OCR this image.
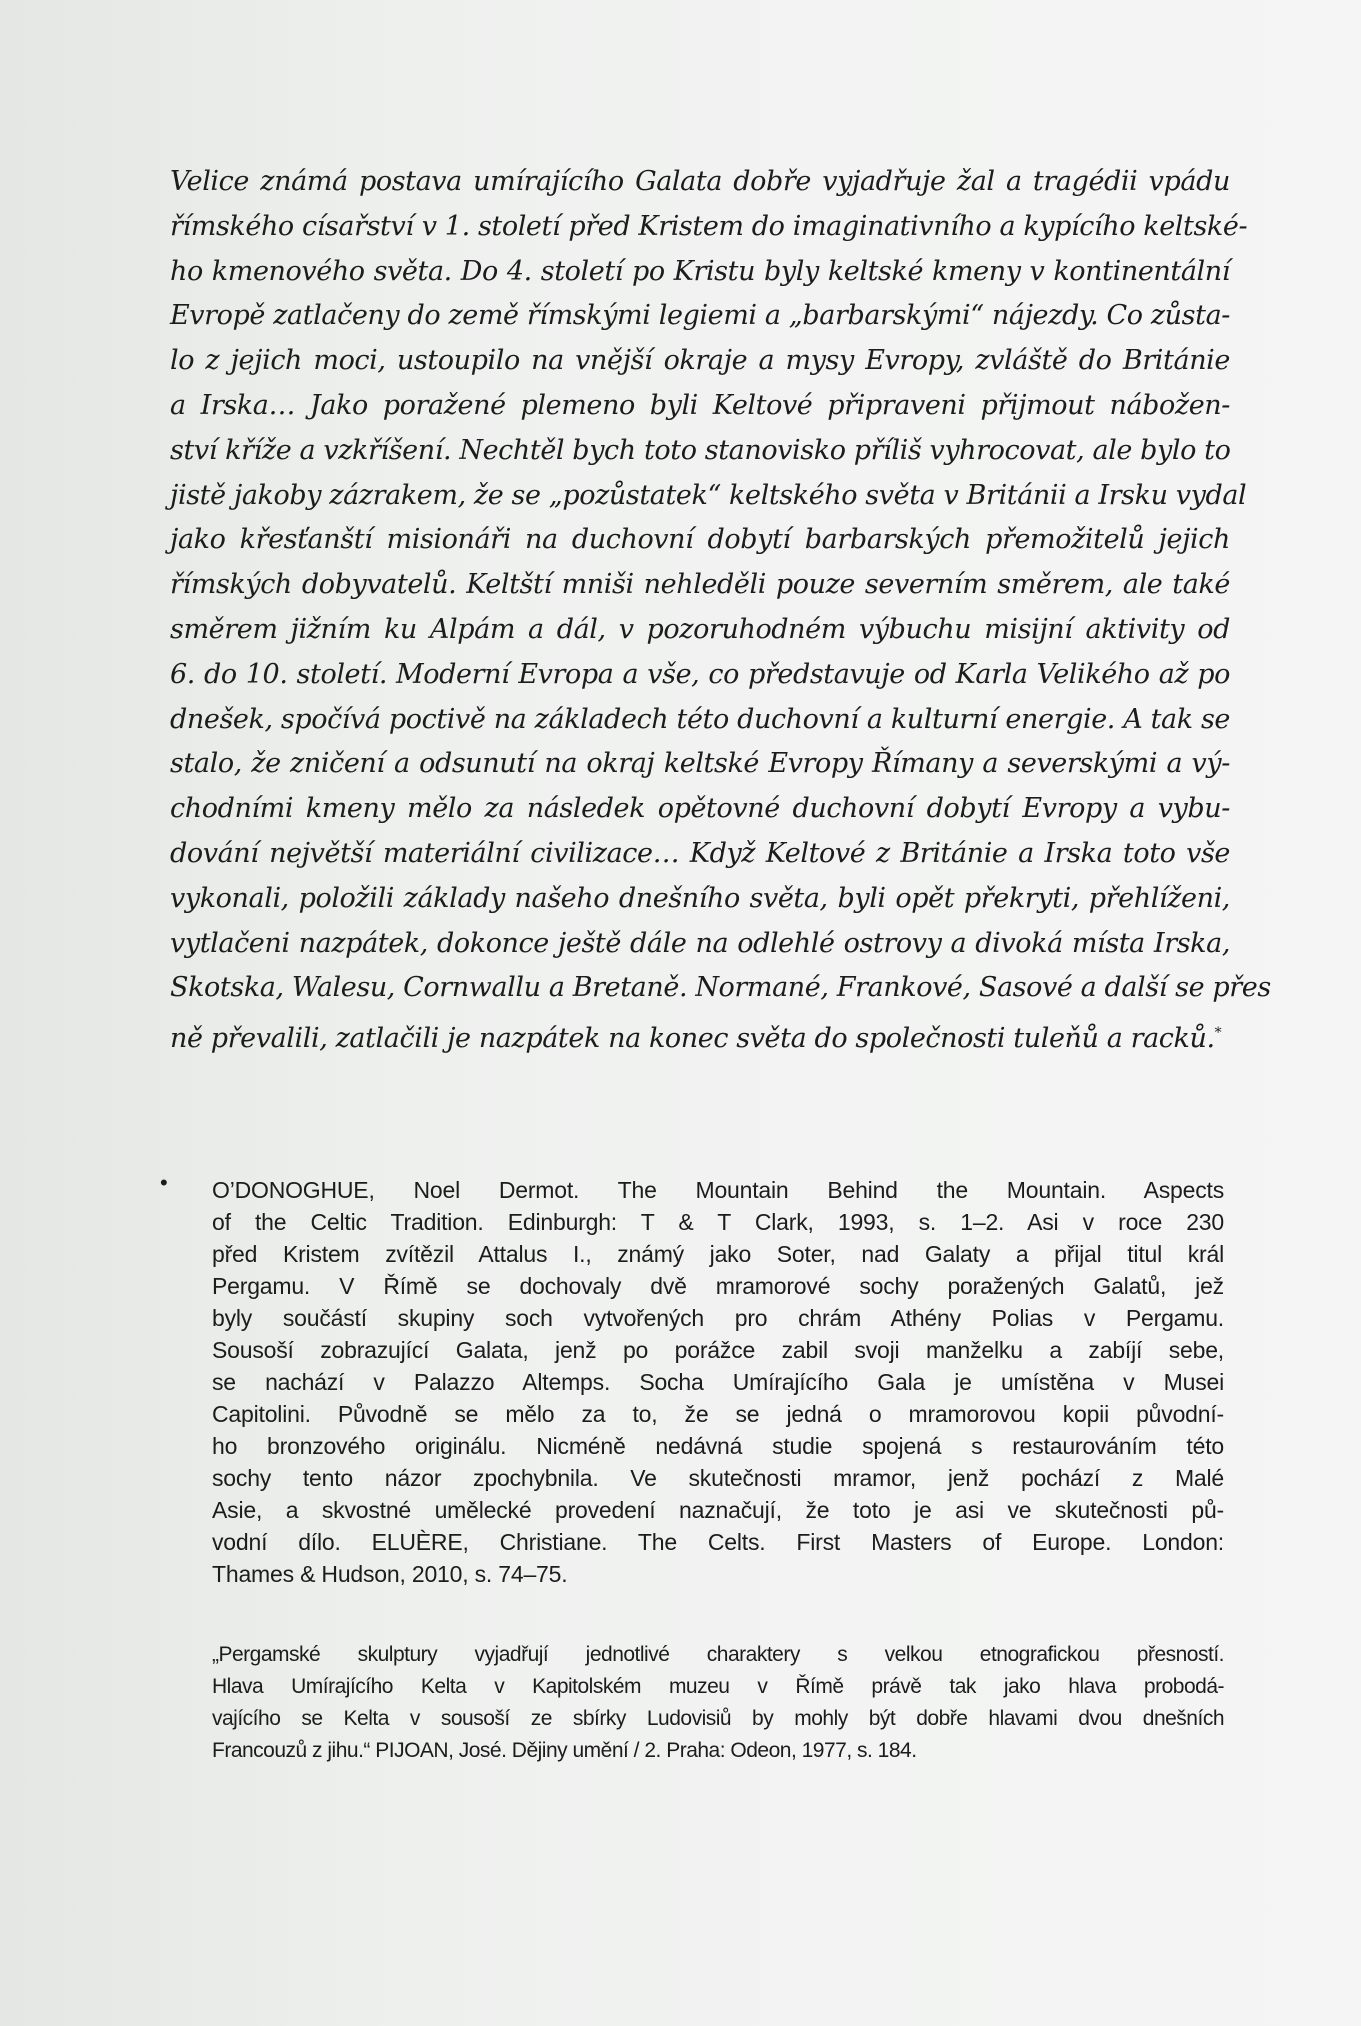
Velice známá postava umírajícího Galata dobře vyjadřuje žal a tragédii vpádu
římského císařství v 1. století před Kristem do imaginativního a kypícího keltské-
ho kmenového světa. Do 4. století po Kristu byly keltské kmeny v kontinentální
Evropě zatlačeny do země římskými legiemi a „barbarskými“ nájezdy. Co zůsta-
lo z jejich moci, ustoupilo na vnější okraje a mysy Evropy, zvláště do Británie
a Irska… Jako poražené plemeno byli Keltové připraveni přijmout nábožen-
ství kříže a vzkříšení. Nechtěl bych toto stanovisko příliš vyhrocovat, ale bylo to
jistě jakoby zázrakem, že se „pozůstatek“ keltského světa v Británii a Irsku vydal
jako křesťanští misionáři na duchovní dobytí barbarských přemožitelů jejich
římských dobyvatelů. Keltští mniši nehleděli pouze severním směrem, ale také
směrem jižním ku Alpám a dál, v pozoruhodném výbuchu misijní aktivity od
6. do 10. století. Moderní Evropa a vše, co představuje od Karla Velikého až po
dnešek, spočívá poctivě na základech této duchovní a kulturní energie. A tak se
stalo, že zničení a odsunutí na okraj keltské Evropy Římany a severskými a vý-
chodními kmeny mělo za následek opětovné duchovní dobytí Evropy a vybu-
dování největší materiální civilizace… Když Keltové z Británie a Irska toto vše
vykonali, položili základy našeho dnešního světa, byli opět překryti, přehlíženi,
vytlačeni nazpátek, dokonce ještě dále na odlehlé ostrovy a divoká místa Irska,
Skotska, Walesu, Cornwallu a Bretaně. Normané, Frankové, Sasové a další se přes
ně převalili, zatlačili je nazpátek na konec světa do společnosti tuleňů a racků.*
• O’DONOGHUE, Noel Dermot. The Mountain Behind the Mountain. Aspects
of the Celtic Tradition. Edinburgh: T & T Clark, 1993, s. 1–2. Asi v roce 230
před Kristem zvítězil Attalus I., známý jako Soter, nad Galaty a přijal titul král
Pergamu. V Římě se dochovaly dvě mramorové sochy poražených Galatů, jež
byly součástí skupiny soch vytvořených pro chrám Athény Polias v Pergamu.
Sousoší zobrazující Galata, jenž po porážce zabil svoji manželku a zabíjí sebe,
se nachází v Palazzo Altemps. Socha Umírajícího Gala je umístěna v Musei
Capitolini. Původně se mělo za to, že se jedná o mramorovou kopii původní-
ho bronzového originálu. Nicméně nedávná studie spojená s restaurováním této
sochy tento názor zpochybnila. Ve skutečnosti mramor, jenž pochází z Malé
Asie, a skvostné umělecké provedení naznačují, že toto je asi ve skutečnosti pů-
vodní dílo. ELUÈRE, Christiane. The Celts. First Masters of Europe. London:
Thames & Hudson, 2010, s. 74–75.
„Pergamské skulptury vyjadřují jednotlivé charaktery s velkou etnografickou přesností.
Hlava Umírajícího Kelta v Kapitolském muzeu v Římě právě tak jako hlava probodá-
vajícího se Kelta v sousoší ze sbírky Ludovisiů by mohly být dobře hlavami dvou dnešních
Francouzů z jihu.“ PIJOAN, José. Dějiny umění / 2. Praha: Odeon, 1977, s. 184.
